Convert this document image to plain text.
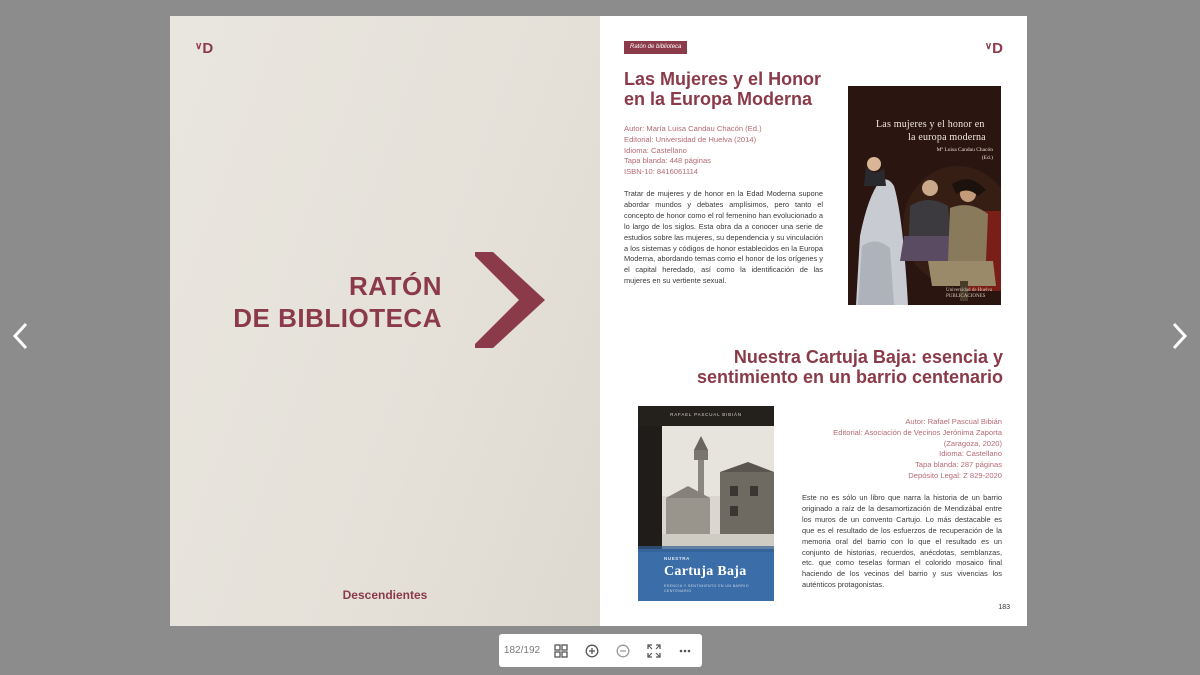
∨D
RATÓN
DE BIBLIOTECA
Descendientes
Ratón de biblioteca	∨D
Las Mujeres y el Honor
en la Europa Moderna
Autor: María Luisa Candau Chacón (Ed.)
Editorial: Universidad de Huelva (2014)
Idioma: Castellano
Tapa blanda: 448 páginas
ISBN-10: 8416061114

Tratar de mujeres y de honor en la Edad Moderna supone abordar mundos y debates amplísimos, pero tanto el concepto de honor como el rol femenino han evolucionado a lo largo de los siglos. Esta obra da a conocer una serie de estudios sobre las mujeres, su dependencia y su vinculación a los sistemas y códigos de honor establecidos en la Europa Moderna, abordando temas como el honor de los orígenes y el capital heredado, así como la identificación de las mujeres en su vertiente sexual.

Las mujeres y el honor en
la europa moderna
Mª Luisa Candau Chacón
(Ed.)
Universidad de Huelva
PUBLICACIONES
Nuestra Cartuja Baja: esencia y
sentimiento en un barrio centenario
RAFAEL PASCUAL BIBIÁN
NUESTRA
Cartuja Baja
ESENCIA Y SENTIMIENTO EN UN BARRIO CENTENARIO
Autor: Rafael Pascual Bibián
Editorial: Asociación de Vecinos Jerónima Zaporta (Zaragoza, 2020)
Idioma: Castellano
Tapa blanda: 287 páginas
Depósito Legal: Z 829-2020

Este no es sólo un libro que narra la historia de un barrio originado a raíz de la desamortización de Mendizábal entre los muros de un convento Cartujo. Lo más destacable es que es el resultado de los esfuerzos de recuperación de la memoria oral del barrio con lo que el resultado es un conjunto de historias, recuerdos, anécdotas, semblanzas, etc. que como teselas forman el colorido mosaico final haciendo de los vecinos del barrio y sus vivencias los auténticos protagonistas.

183
182/192
